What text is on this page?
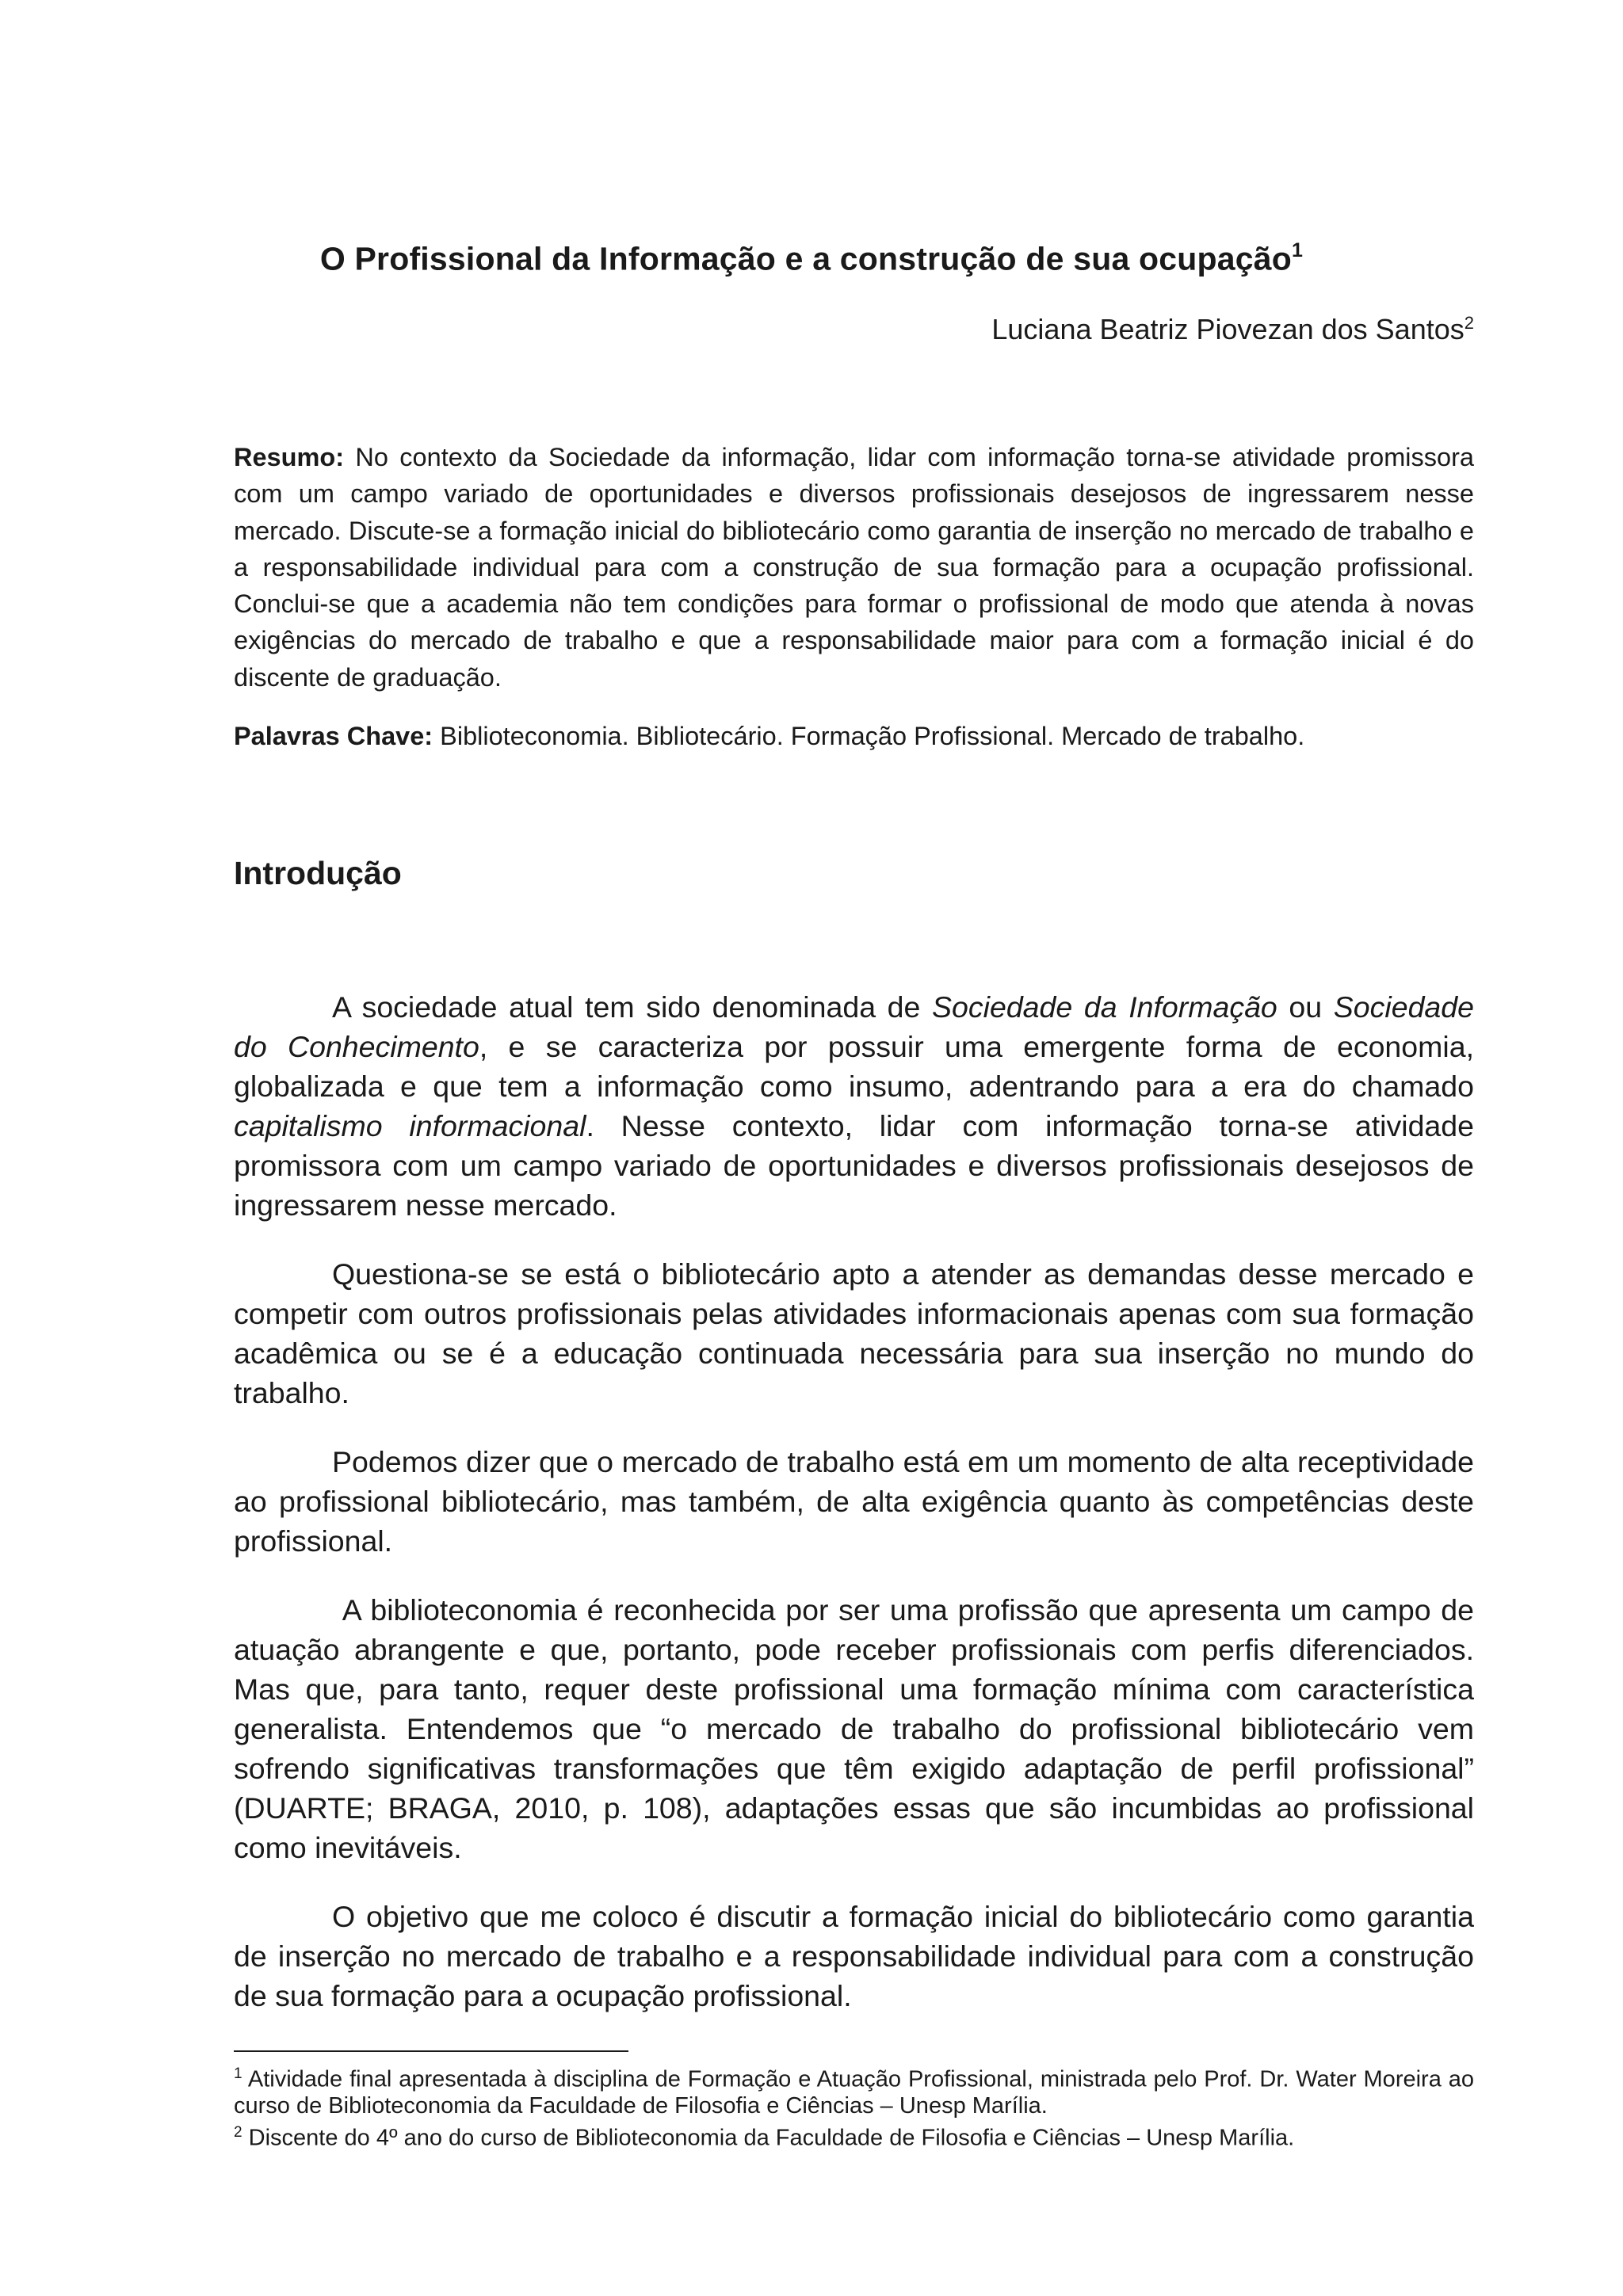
O Profissional da Informação e a construção de sua ocupação$^1$
Luciana Beatriz Piovezan dos Santos$^2$

Resumo: No contexto da Sociedade da informação, lidar com informação torna-se atividade promissora com um campo variado de oportunidades e diversos profissionais desejosos de ingressarem nesse mercado. Discute-se a formação inicial do bibliotecário como garantia de inserção no mercado de trabalho e a responsabilidade individual para com a construção de sua formação para a ocupação profissional. Conclui-se que a academia não tem condições para formar o profissional de modo que atenda à novas exigências do mercado de trabalho e que a responsabilidade maior para com a formação inicial é do discente de graduação.

Palavras Chave: Biblioteconomia. Bibliotecário. Formação Profissional. Mercado de trabalho.

Introdução

A sociedade atual tem sido denominada de Sociedade da Informação ou Sociedade do Conhecimento, e se caracteriza por possuir uma emergente forma de economia, globalizada e que tem a informação como insumo, adentrando para a era do chamado capitalismo informacional. Nesse contexto, lidar com informação torna-se atividade promissora com um campo variado de oportunidades e diversos profissionais desejosos de ingressarem nesse mercado.

Questiona-se se está o bibliotecário apto a atender as demandas desse mercado e competir com outros profissionais pelas atividades informacionais apenas com sua formação acadêmica ou se é a educação continuada necessária para sua inserção no mundo do trabalho.

Podemos dizer que o mercado de trabalho está em um momento de alta receptividade ao profissional bibliotecário, mas também, de alta exigência quanto às competências deste profissional.

A biblioteconomia é reconhecida por ser uma profissão que apresenta um campo de atuação abrangente e que, portanto, pode receber profissionais com perfis diferenciados. Mas que, para tanto, requer deste profissional uma formação mínima com característica generalista. Entendemos que “o mercado de trabalho do profissional bibliotecário vem sofrendo significativas transformações que têm exigido adaptação de perfil profissional” (DUARTE; BRAGA, 2010, p. 108), adaptações essas que são incumbidas ao profissional como inevitáveis.

O objetivo que me coloco é discutir a formação inicial do bibliotecário como garantia de inserção no mercado de trabalho e a responsabilidade individual para com a construção de sua formação para a ocupação profissional.

$^1$ Atividade final apresentada à disciplina de Formação e Atuação Profissional, ministrada pelo Prof. Dr. Water Moreira ao curso de Biblioteconomia da Faculdade de Filosofia e Ciências – Unesp Marília.

$^2$ Discente do 4º ano do curso de Biblioteconomia da Faculdade de Filosofia e Ciências – Unesp Marília.
